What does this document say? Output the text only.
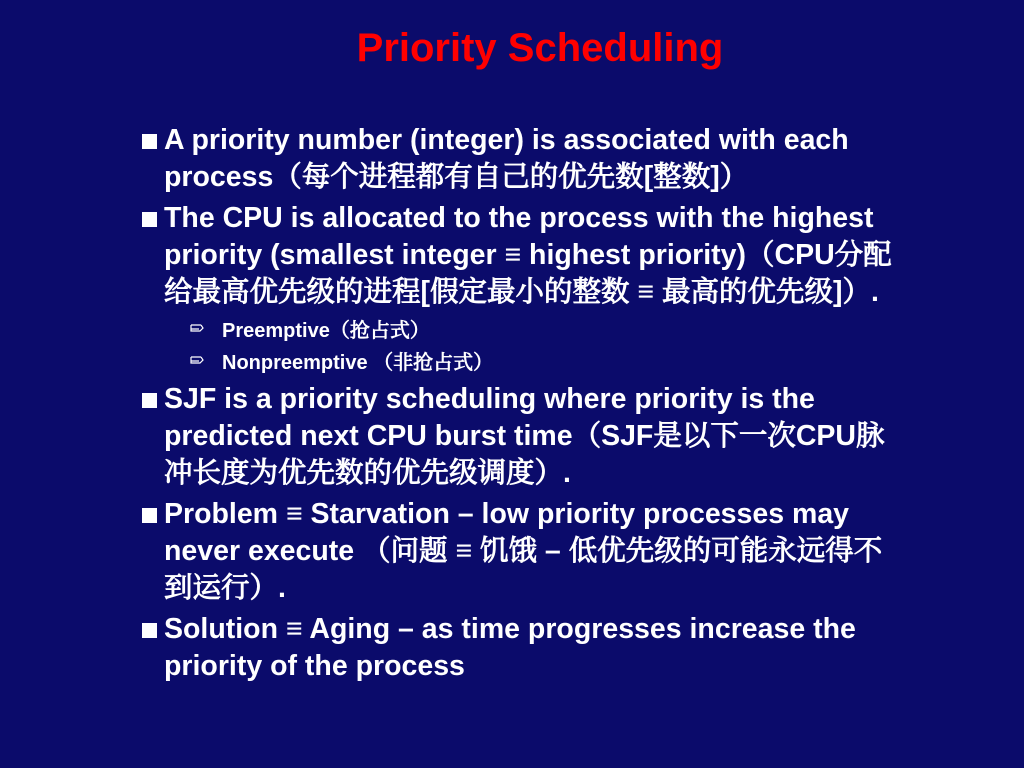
Priority Scheduling
A priority number (integer) is associated with each process（每个进程都有自己的优先数[整数]）
The CPU is allocated to the process with the highest priority (smallest integer ≡ highest priority)（CPU分配给最高优先级的进程[假定最小的整数 ≡ 最高的优先级]）.
Preemptive（抢占式）
Nonpreemptive （非抢占式）
SJF is a priority scheduling where priority is the predicted next CPU burst time（SJF是以下一次CPU脉冲长度为优先数的优先级调度）.
Problem ≡ Starvation – low priority processes may never execute （问题 ≡ 饥饿 – 低优先级的可能永远得不到运行）.
Solution ≡ Aging – as time progresses increase the priority of the process
